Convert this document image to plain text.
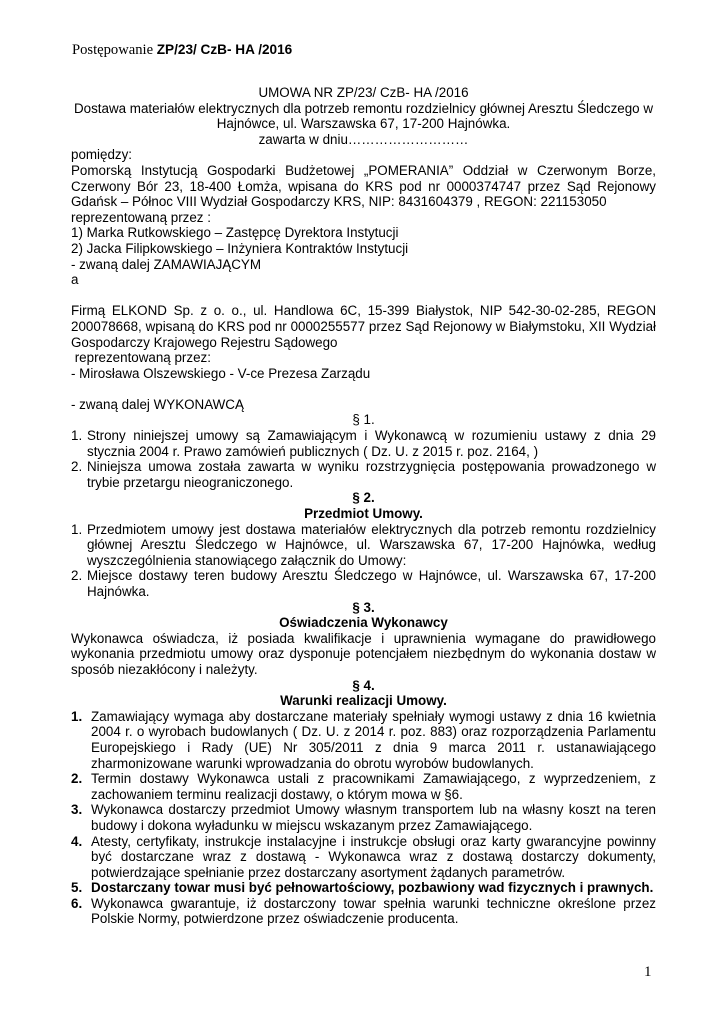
Postępowanie ZP/23/ CzB- HA /2016
UMOWA NR ZP/23/ CzB- HA /2016
Dostawa materiałów elektrycznych dla potrzeb remontu rozdzielnicy głównej Aresztu Śledczego w Hajnówce, ul. Warszawska 67, 17-200 Hajnówka.
zawarta w dniu………………………
pomiędzy:
Pomorską Instytucją Gospodarki Budżetowej „POMERANIA” Oddział w Czerwonym Borze, Czerwony Bór 23, 18-400 Łomża, wpisana do KRS pod nr 0000374747 przez Sąd Rejonowy Gdańsk – Północ VIII Wydział Gospodarczy KRS, NIP: 8431604379 , REGON: 221153050
reprezentowaną przez :
1) Marka Rutkowskiego – Zastępcę Dyrektora Instytucji
2) Jacka Filipkowskiego – Inżyniera Kontraktów Instytucji
- zwaną dalej ZAMAWIAJĄCYM
a
Firmą ELKOND Sp. z o. o., ul. Handlowa 6C, 15-399 Białystok, NIP 542-30-02-285, REGON 200078668, wpisaną do KRS pod nr 0000255577 przez Sąd Rejonowy w Białymstoku, XII Wydział Gospodarczy Krajowego Rejestru Sądowego
reprezentowaną przez:
- Mirosława Olszewskiego - V-ce Prezesa Zarządu
- zwaną dalej WYKONAWCĄ
§ 1.
1. Strony niniejszej umowy są Zamawiającym i Wykonawcą w rozumieniu ustawy z dnia 29 stycznia 2004 r. Prawo zamówień publicznych ( Dz. U. z 2015 r. poz. 2164, )
2. Niniejsza umowa została zawarta w wyniku rozstrzygnięcia postępowania prowadzonego w trybie przetargu nieograniczonego.
§ 2.
Przedmiot Umowy.
1. Przedmiotem umowy jest dostawa materiałów elektrycznych dla potrzeb remontu rozdzielnicy głównej Aresztu Śledczego w Hajnówce, ul. Warszawska 67, 17-200 Hajnówka, według wyszczególnienia stanowiącego załącznik do Umowy:
2. Miejsce dostawy teren budowy Aresztu Śledczego w Hajnówce, ul. Warszawska 67, 17-200 Hajnówka.
§ 3.
Oświadczenia Wykonawcy
Wykonawca oświadcza, iż posiada kwalifikacje i uprawnienia wymagane do prawidłowego wykonania przedmiotu umowy oraz dysponuje potencjałem niezbędnym do wykonania dostaw w sposób niezakłócony i należyty.
§ 4.
Warunki realizacji Umowy.
1. Zamawiający wymaga aby dostarczane materiały spełniały wymogi ustawy z dnia 16 kwietnia 2004 r. o wyrobach budowlanych ( Dz. U. z 2014 r. poz. 883) oraz rozporządzenia Parlamentu Europejskiego i Rady (UE) Nr 305/2011 z dnia 9 marca 2011 r. ustanawiającego zharmonizowane warunki wprowadzania do obrotu wyrobów budowlanych.
2. Termin dostawy Wykonawca ustali z pracownikami Zamawiającego, z wyprzedzeniem, z zachowaniem terminu realizacji dostawy, o którym mowa w §6.
3. Wykonawca dostarczy przedmiot Umowy własnym transportem lub na własny koszt na teren budowy i dokona wyładunku w miejscu wskazanym przez Zamawiającego.
4. Atesty, certyfikaty, instrukcje instalacyjne i instrukcje obsługi oraz karty gwarancyjne powinny być dostarczane wraz z dostawą - Wykonawca wraz z dostawą dostarczy dokumenty, potwierdzające spełnianie przez dostarczany asortyment żądanych parametrów.
5. Dostarczany towar musi być pełnowartościowy, pozbawiony wad fizycznych i prawnych.
6. Wykonawca gwarantuje, iż dostarczony towar spełnia warunki techniczne określone przez Polskie Normy, potwierdzone przez oświadczenie producenta.
1
